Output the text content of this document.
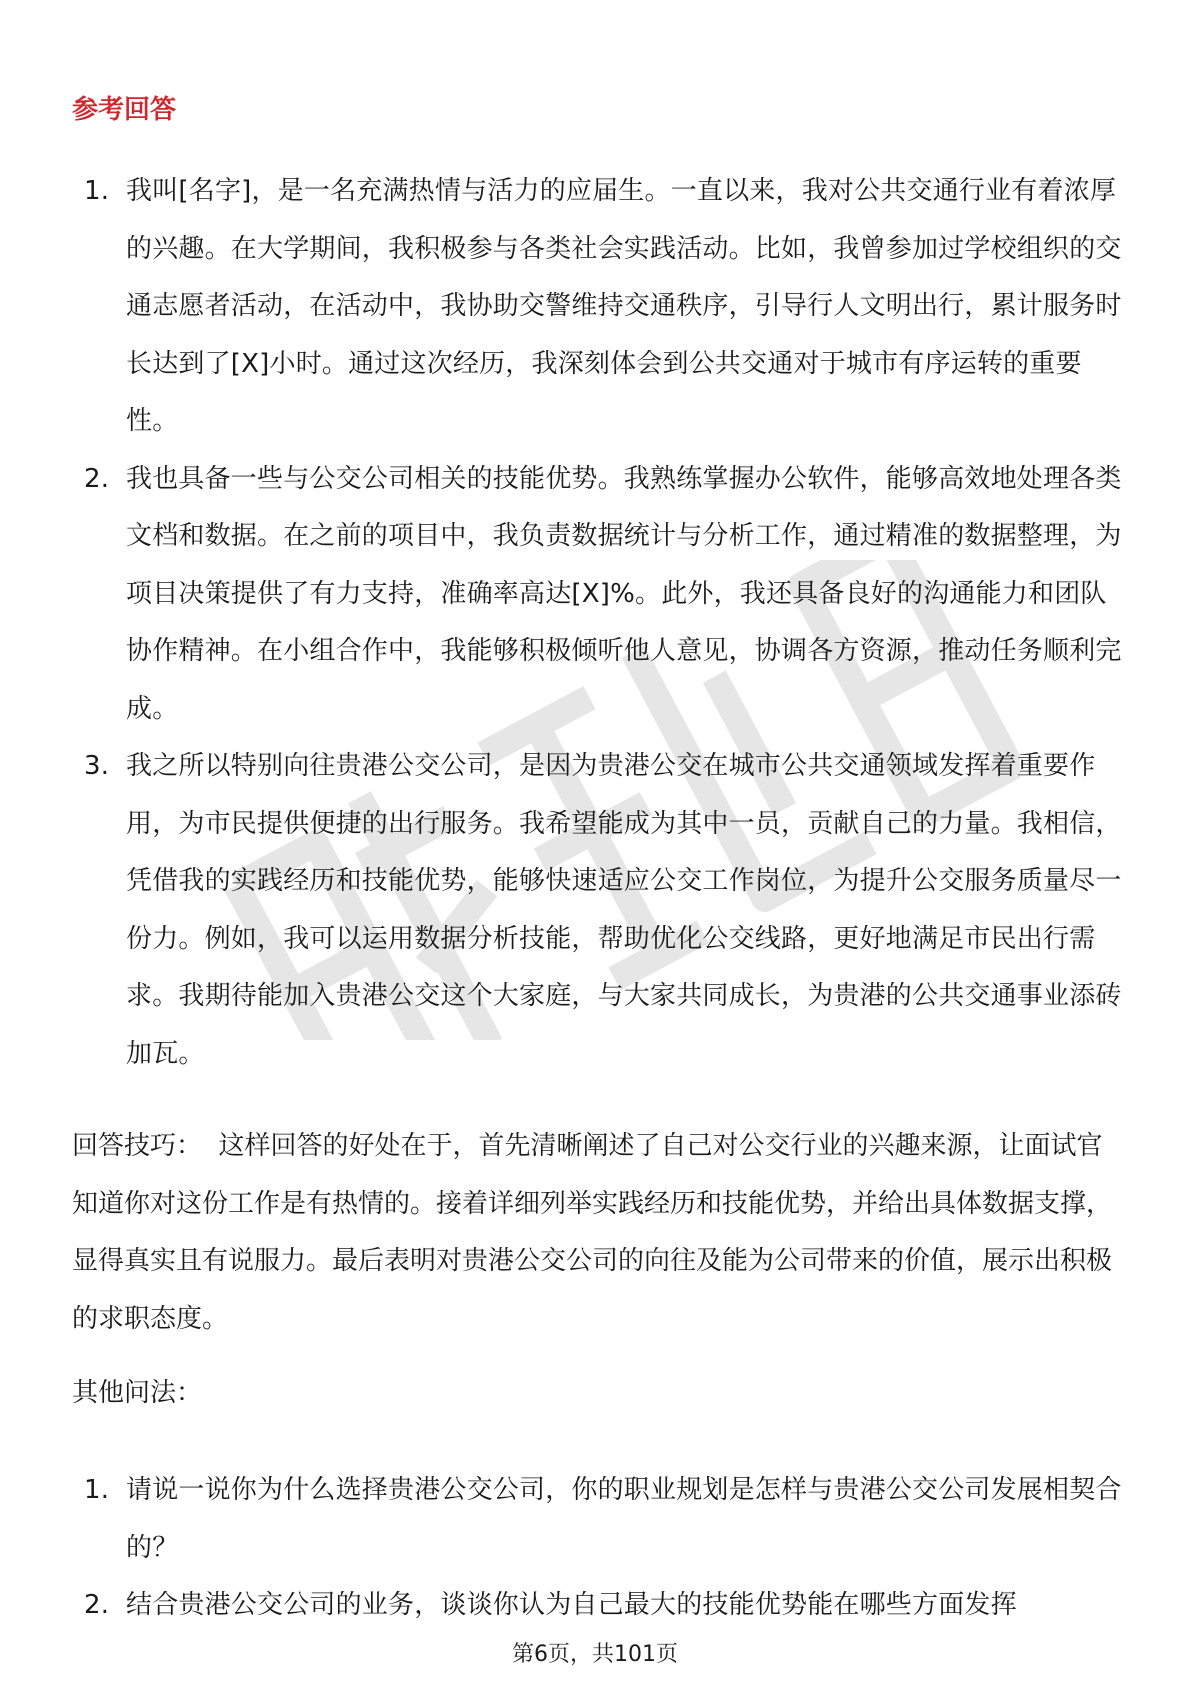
参考回答
1. 我叫[名字]，是一名充满热情与活力的应届生。一直以来，我对公共交通行业有着浓厚的兴趣。在大学期间，我积极参与各类社会实践活动。比如，我曾参加过学校组织的交通志愿者活动，在活动中，我协助交警维持交通秩序，引导行人文明出行，累计服务时长达到了[X]小时。通过这次经历，我深刻体会到公共交通对于城市有序运转的重要性。
2. 我也具备一些与公交公司相关的技能优势。我熟练掌握办公软件，能够高效地处理各类文档和数据。在之前的项目中，我负责数据统计与分析工作，通过精准的数据整理，为项目决策提供了有力支持，准确率高达[X]%。此外，我还具备良好的沟通能力和团队协作精神。在小组合作中，我能够积极倾听他人意见，协调各方资源，推动任务顺利完成。
3. 我之所以特别向往贵港公交公司，是因为贵港公交在城市公共交通领域发挥着重要作用，为市民提供便捷的出行服务。我希望能成为其中一员，贡献自己的力量。我相信，凭借我的实践经历和技能优势，能够快速适应公交工作岗位，为提升公交服务质量尽一份力。例如，我可以运用数据分析技能，帮助优化公交线路，更好地满足市民出行需求。我期待能加入贵港公交这个大家庭，与大家共同成长，为贵港的公共交通事业添砖加瓦。

回答技巧： 这样回答的好处在于，首先清晰阐述了自己对公交行业的兴趣来源，让面试官知道你对这份工作是有热情的。接着详细列举实践经历和技能优势，并给出具体数据支撑，显得真实且有说服力。最后表明对贵港公交公司的向往及能为公司带来的价值，展示出积极的求职态度。

其他问法：
1. 请说一说你为什么选择贵港公交公司，你的职业规划是怎样与贵港公交公司发展相契合的？
2. 结合贵港公交公司的业务，谈谈你认为自己最大的技能优势能在哪些方面发挥
第6页，共101页
